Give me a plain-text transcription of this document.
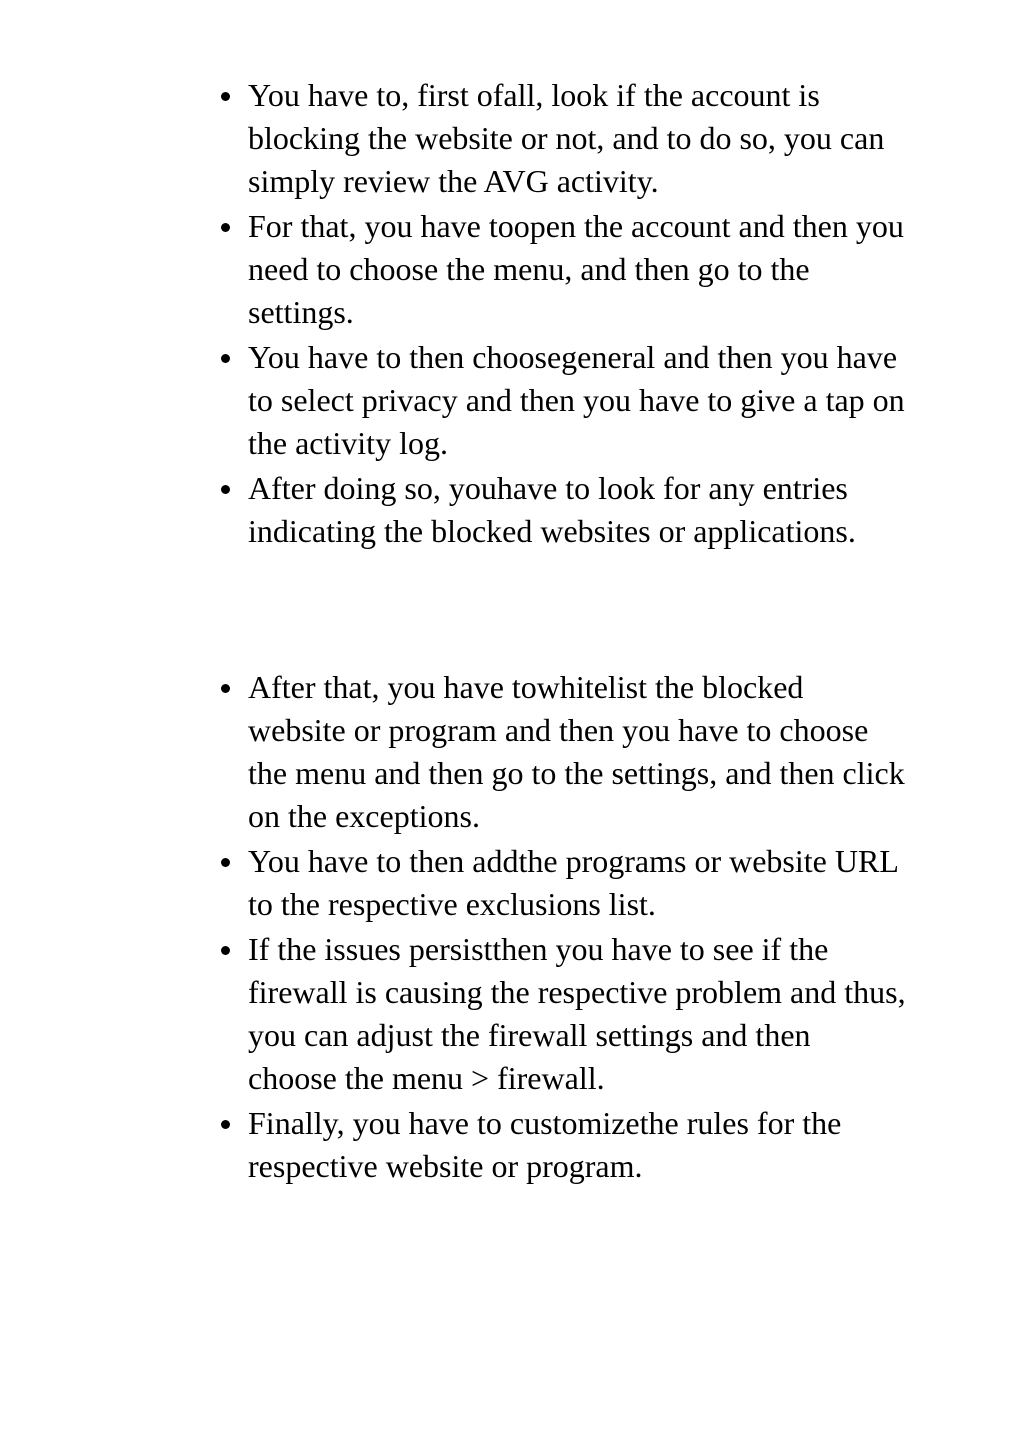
You have to, first ofall, look if the account is blocking the website or not, and to do so, you can simply review the AVG activity.
For that, you have toopen the account and then you need to choose the menu, and then go to the settings.
You have to then choosegeneral and then you have to select privacy and then you have to give a tap on the activity log.
After doing so, youhave to look for any entries indicating the blocked websites or applications.
After that, you have towhitelist the blocked website or program and then you have to choose the menu and then go to the settings, and then click on the exceptions.
You have to then addthe programs or website URL to the respective exclusions list.
If the issues persistthen you have to see if the firewall is causing the respective problem and thus, you can adjust the firewall settings and then choose the menu > firewall.
Finally, you have to customizethe rules for the respective website or program.
